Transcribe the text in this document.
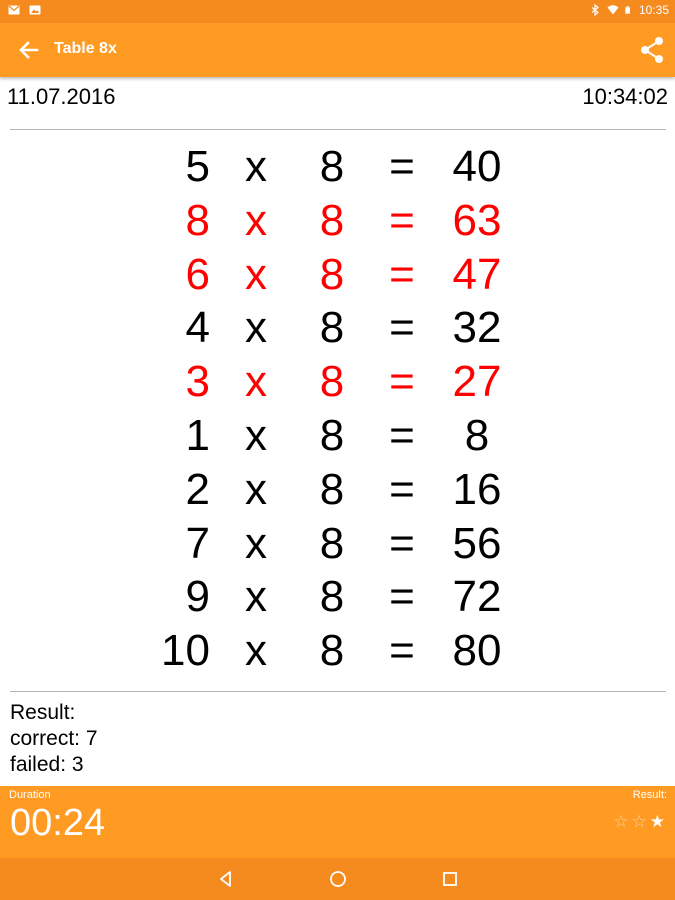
10:35
Table 8x
11.07.2016	10:34:02
5 x 8 = 40
8 x 8 = 63
6 x 8 = 47
4 x 8 = 32
3 x 8 = 27
1 x 8 =	8
2 x 8 = 16
7 x 8 = 56
9 x 8 = 72
10 x 8 = 80
Result:
correct: 7
failed: 3
Duration
00:24
Result:
☆ ☆ ★
